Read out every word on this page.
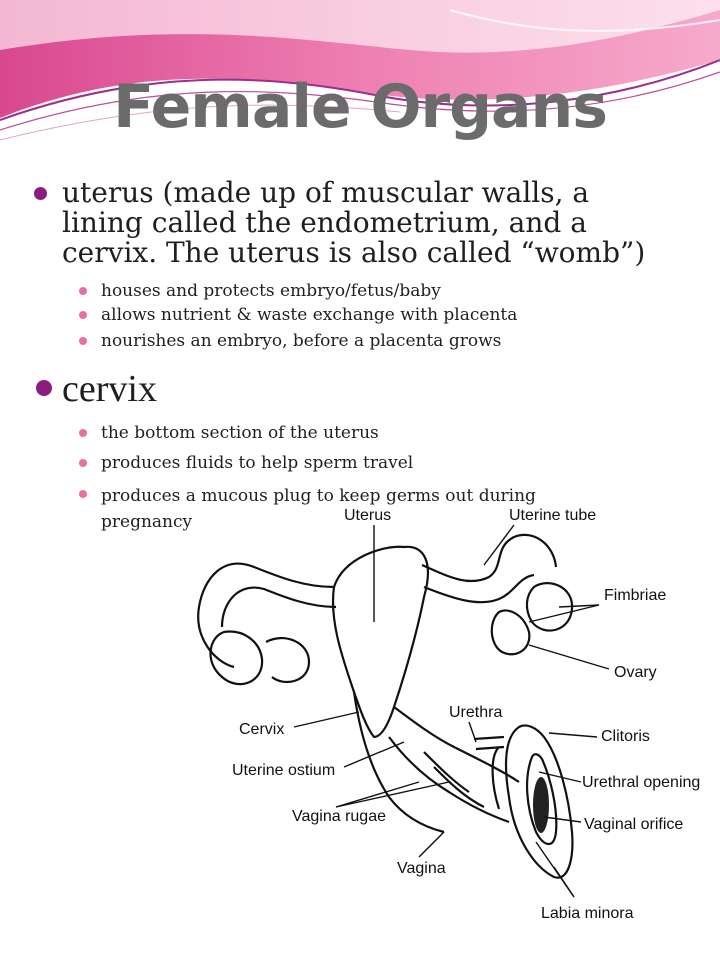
Female Organs
uterus (made up of muscular walls, a lining called the endometrium, and a cervix. The uterus is also called “womb”)
houses and protects embryo/fetus/baby
allows nutrient & waste exchange with placenta
nourishes an embryo, before a placenta grows
Uterus	Uterine tube
Fimbriae
Ovary
Cervix
Uterine ostium
Vagina rugae
Vagina
Urethra
Clitoris
Urethral opening
Vaginal orifice
Labia minora
cervix
the bottom section of the uterus
produces fluids to help sperm travel
produces a mucous plug to keep germs out during pregnancy
